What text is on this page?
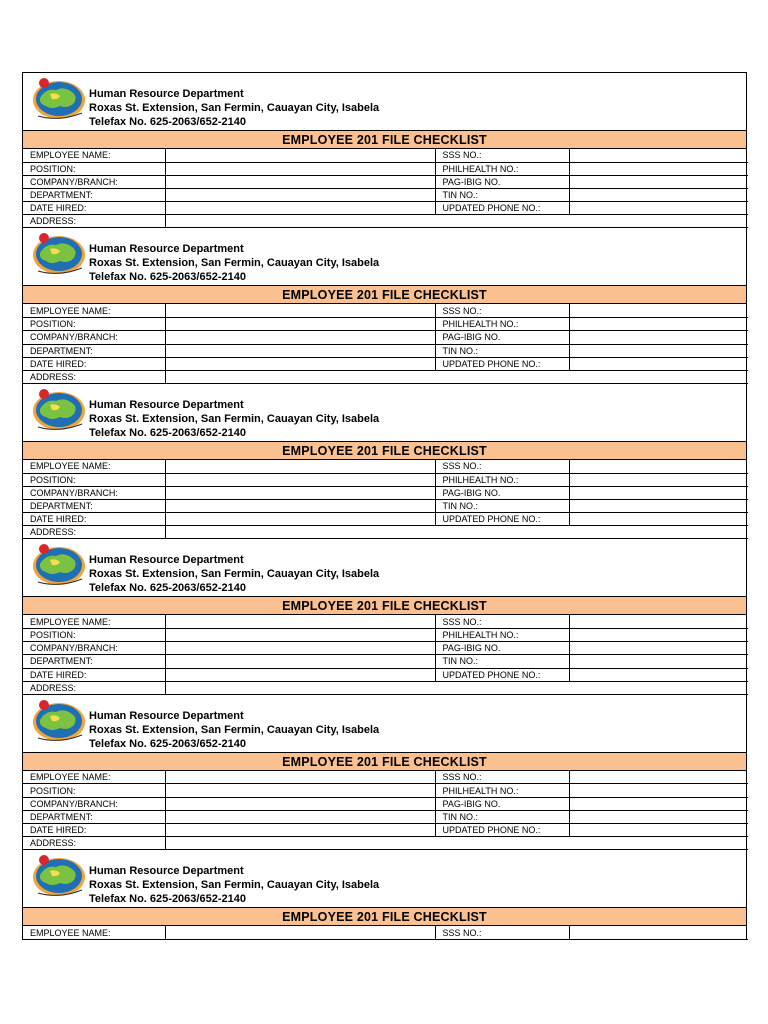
Human Resource Department
Roxas St. Extension, San Fermin, Cauayan City, Isabela
Telefax No. 625-2063/652-2140
EMPLOYEE 201 FILE CHECKLIST
EMPLOYEE NAME:		SSS NO.:	
POSITION:		PHILHEALTH NO.:	
COMPANY/BRANCH:		PAG-IBIG NO.	
DEPARTMENT:		TIN NO.:	
DATE HIRED:		UPDATED PHONE NO.:	
ADDRESS:			
Human Resource Department
Roxas St. Extension, San Fermin, Cauayan City, Isabela
Telefax No. 625-2063/652-2140
EMPLOYEE 201 FILE CHECKLIST
EMPLOYEE NAME:		SSS NO.:	
POSITION:		PHILHEALTH NO.:	
COMPANY/BRANCH:		PAG-IBIG NO.	
DEPARTMENT:		TIN NO.:	
DATE HIRED:		UPDATED PHONE NO.:	
ADDRESS:			
Human Resource Department
Roxas St. Extension, San Fermin, Cauayan City, Isabela
Telefax No. 625-2063/652-2140
EMPLOYEE 201 FILE CHECKLIST
EMPLOYEE NAME:		SSS NO.:	
POSITION:		PHILHEALTH NO.:	
COMPANY/BRANCH:		PAG-IBIG NO.	
DEPARTMENT:		TIN NO.:	
DATE HIRED:		UPDATED PHONE NO.:	
ADDRESS:			
Human Resource Department
Roxas St. Extension, San Fermin, Cauayan City, Isabela
Telefax No. 625-2063/652-2140
EMPLOYEE 201 FILE CHECKLIST
EMPLOYEE NAME:		SSS NO.:	
POSITION:		PHILHEALTH NO.:	
COMPANY/BRANCH:		PAG-IBIG NO.	
DEPARTMENT:		TIN NO.:	
DATE HIRED:		UPDATED PHONE NO.:	
ADDRESS:			
Human Resource Department
Roxas St. Extension, San Fermin, Cauayan City, Isabela
Telefax No. 625-2063/652-2140
EMPLOYEE 201 FILE CHECKLIST
EMPLOYEE NAME:		SSS NO.:	
POSITION:		PHILHEALTH NO.:	
COMPANY/BRANCH:		PAG-IBIG NO.	
DEPARTMENT:		TIN NO.:	
DATE HIRED:		UPDATED PHONE NO.:	
ADDRESS:			
Human Resource Department
Roxas St. Extension, San Fermin, Cauayan City, Isabela
Telefax No. 625-2063/652-2140
EMPLOYEE 201 FILE CHECKLIST
EMPLOYEE NAME:		SSS NO.:	
